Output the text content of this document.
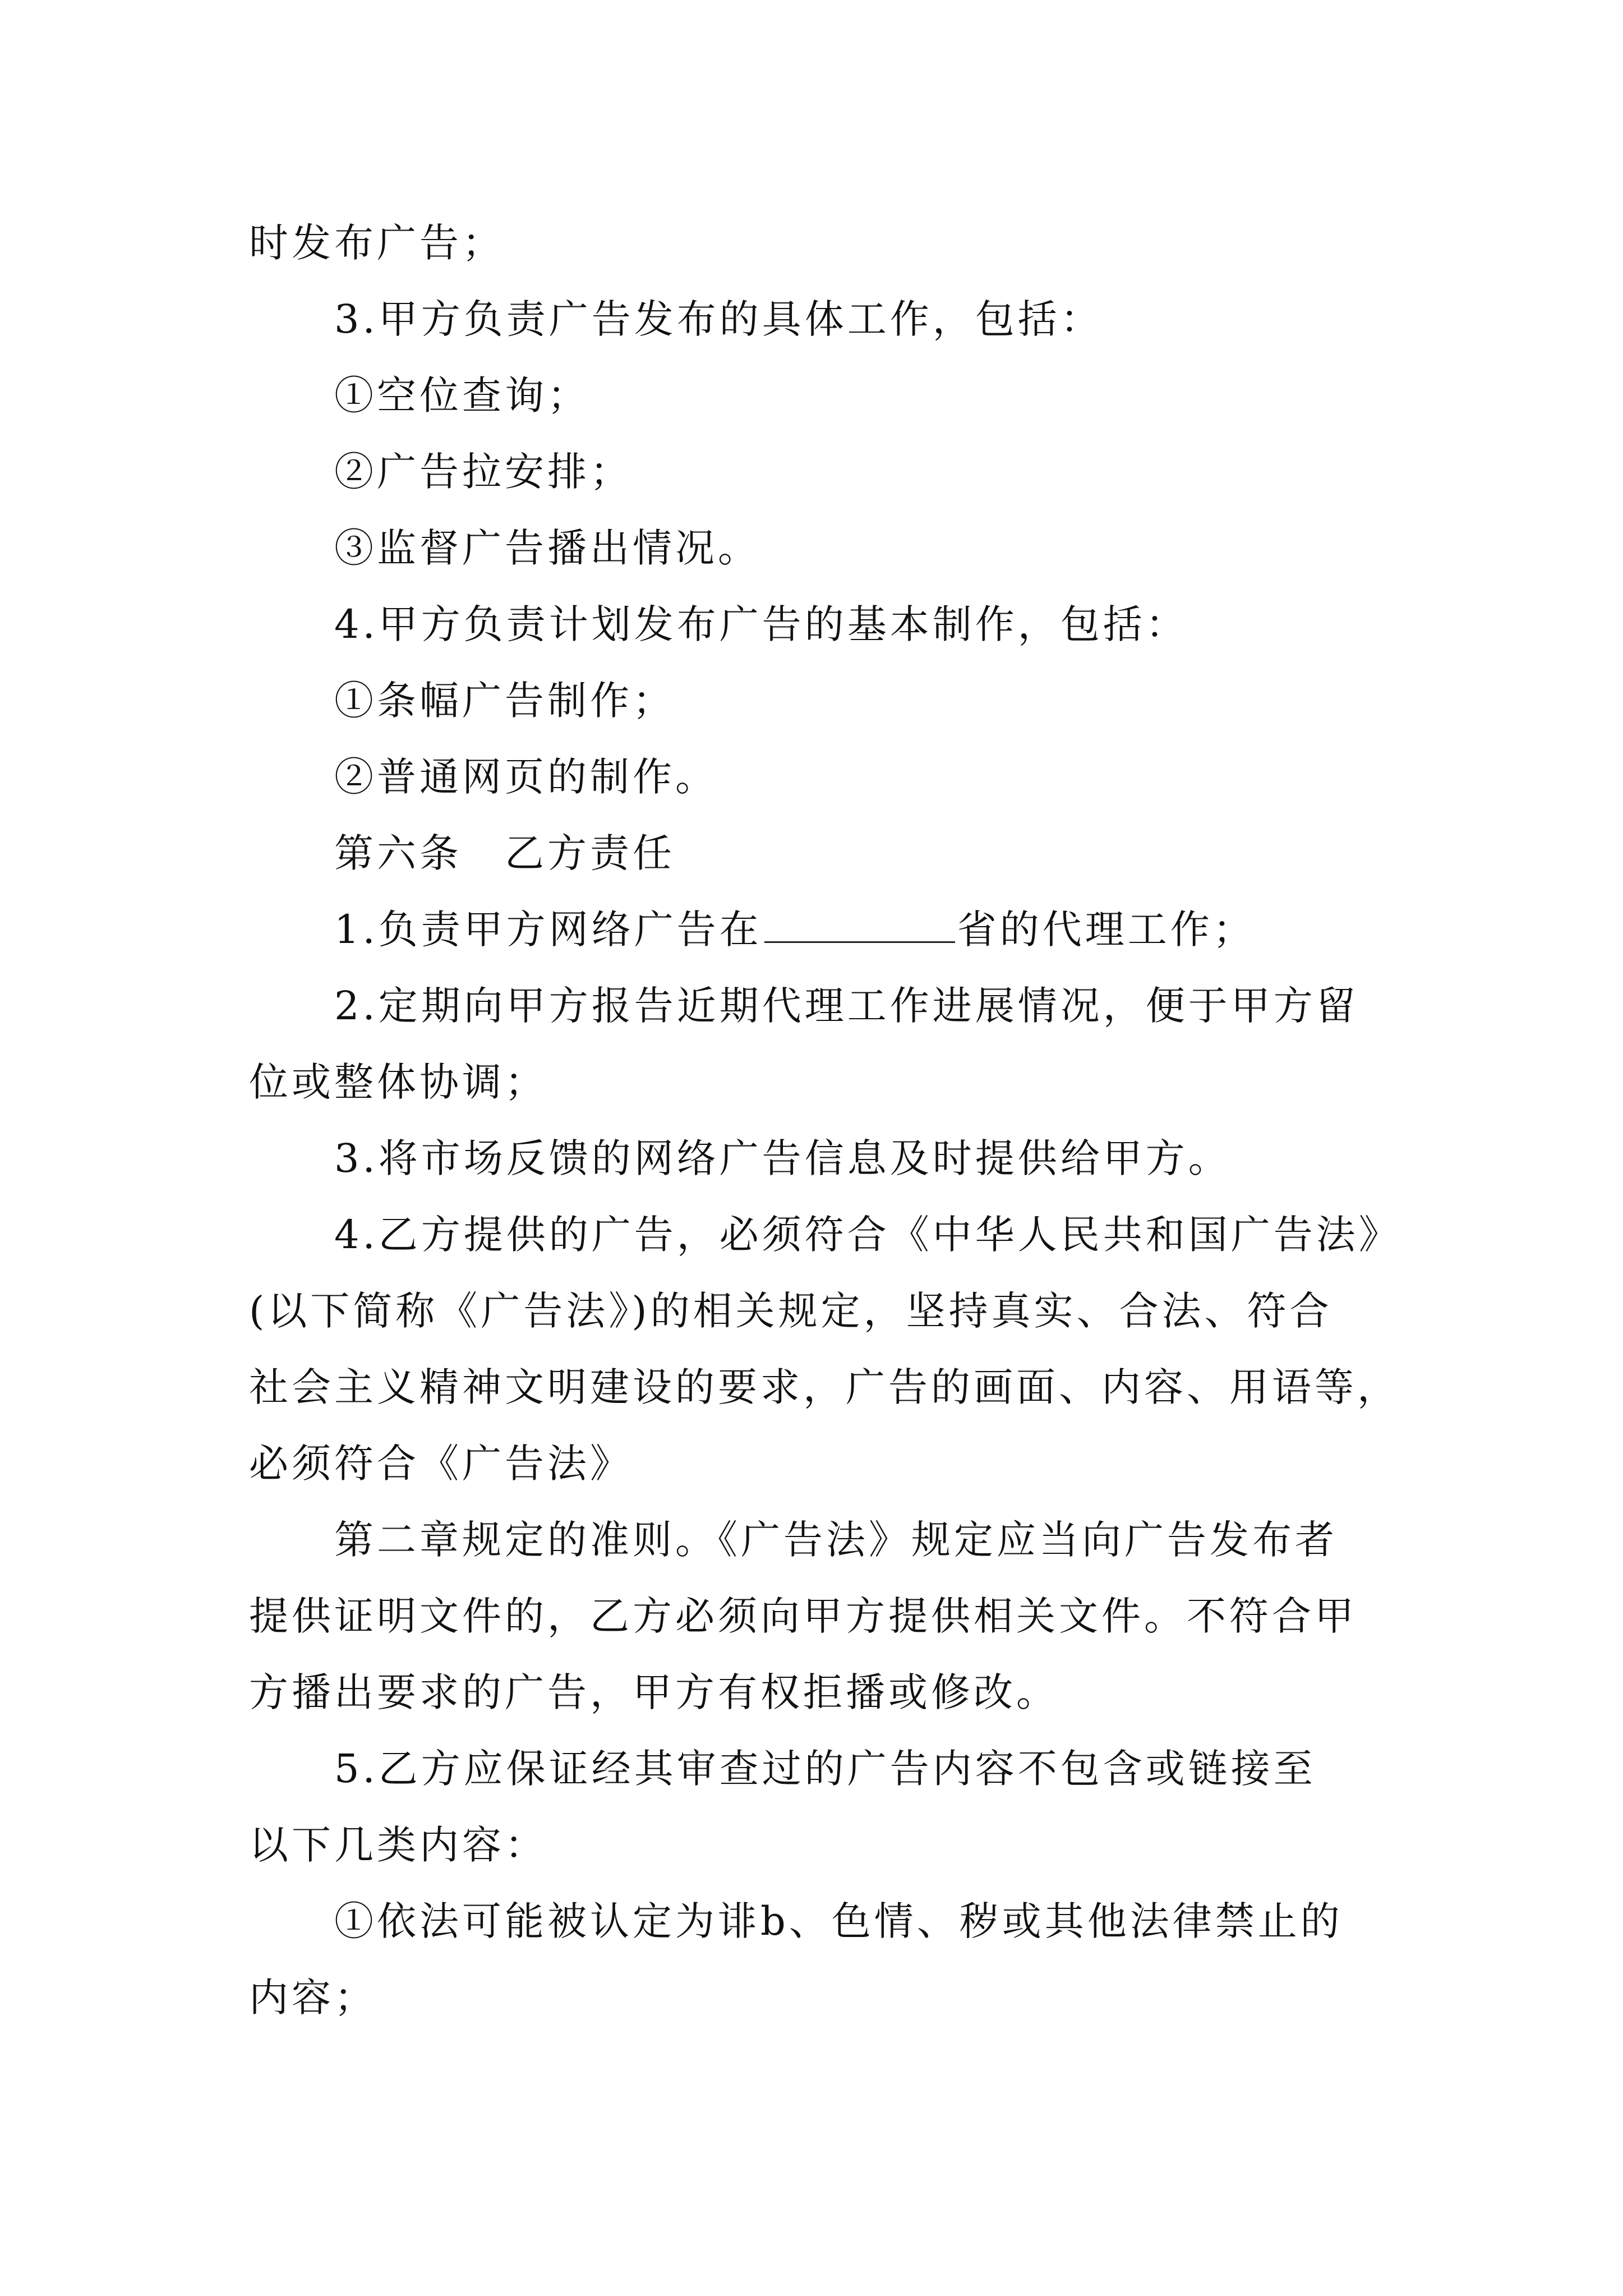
时发布广告；
3.甲方负责广告发布的具体工作，包括：
①空位查询；
②广告拉安排；
③监督广告播出情况。
4.甲方负责计划发布广告的基本制作，包括：
①条幅广告制作；
②普通网页的制作。
第六条　乙方责任
1.负责甲方网络广告在	省的代理工作；
2.定期向甲方报告近期代理工作进展情况，便于甲方留
位或整体协调；
3.将市场反馈的网络广告信息及时提供给甲方。
4.乙方提供的广告，必须符合《中华人民共和国广告法》
(以下简称《广告法》)的相关规定，坚持真实、合法、符合
社会主义精神文明建设的要求，广告的画面、内容、用语等，
必须符合《广告法》
第二章规定的准则。《广告法》规定应当向广告发布者
提供证明文件的，乙方必须向甲方提供相关文件。不符合甲
方播出要求的广告，甲方有权拒播或修改。
5.乙方应保证经其审查过的广告内容不包含或链接至
以下几类内容：
①依法可能被认定为诽b、色情、秽或其他法律禁止的
内容；
